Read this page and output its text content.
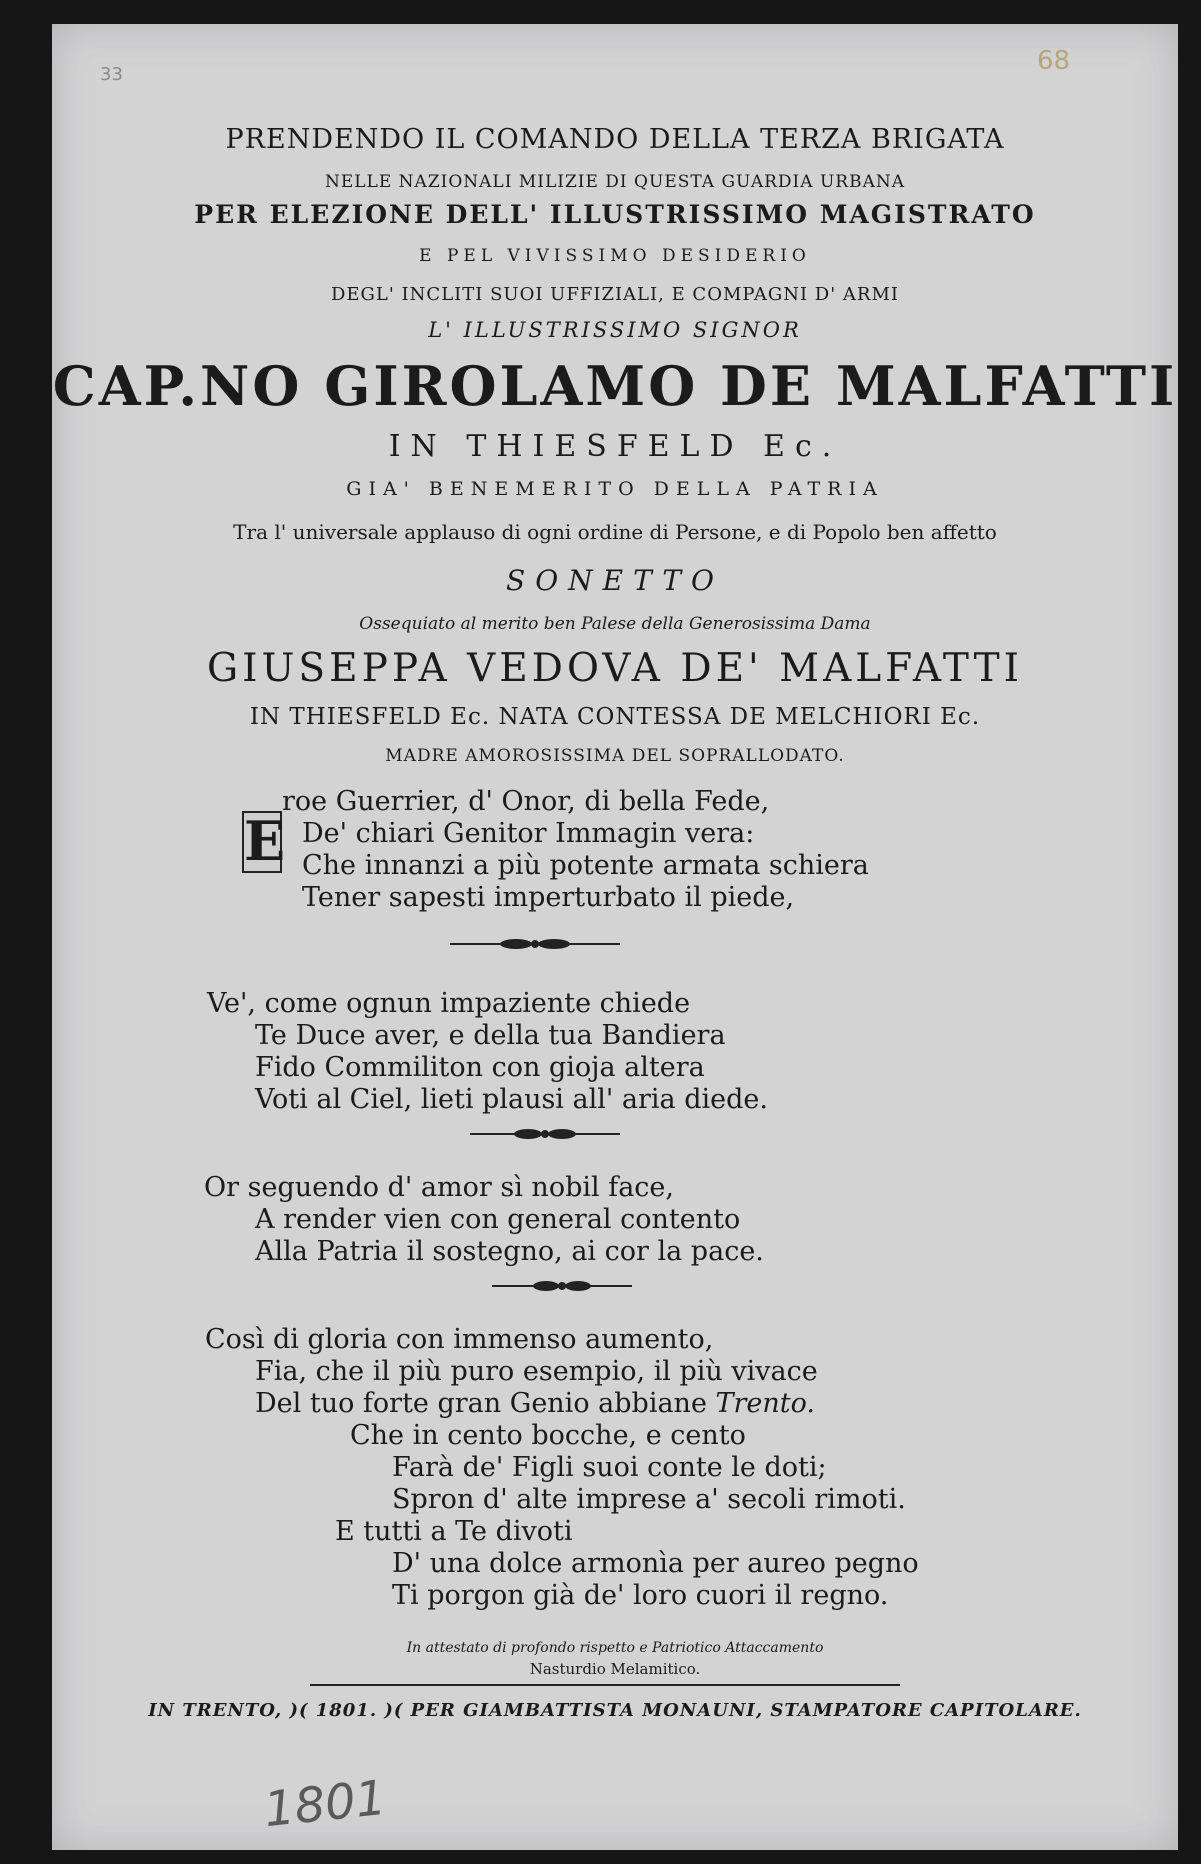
33	68
PRENDENDO IL COMANDO DELLA TERZA BRIGATA
NELLE NAZIONALI MILIZIE DI QUESTA GUARDIA URBANA
PER ELEZIONE DELL' ILLUSTRISSIMO MAGISTRATO
E PEL VIVISSIMO DESIDERIO
DEGL' INCLITI SUOI UFFIZIALI, E COMPAGNI D' ARMI
L' ILLUSTRISSIMO SIGNOR
CAP.NO GIROLAMO DE MALFATTI
IN THIESFELD Ec.
GIA' BENEMERITO DELLA PATRIA
Tra l' universale applauso di ogni ordine di Persone, e di Popolo ben affetto
SONETTO
Ossequiato al merito ben Palese della Generosissima Dama
GIUSEPPA VEDOVA DE' MALFATTI
IN THIESFELD Ec. NATA CONTESSA DE MELCHIORI Ec.
MADRE AMOROSISSIMA DEL SOPRALLODATO.
E
roe Guerrier, d' Onor, di bella Fede,
De' chiari Genitor Immagin vera:
Che innanzi a più potente armata schiera
Tener sapesti imperturbato il piede,
Ve', come ognun impaziente chiede
Te Duce aver, e della tua Bandiera
Fido Commiliton con gioja altera
Voti al Ciel, lieti plausi all' aria diede.
Or seguendo d' amor sì nobil face,
A render vien con general contento
Alla Patria il sostegno, ai cor la pace.
Così di gloria con immenso aumento,
Fia, che il più puro esempio, il più vivace
Del tuo forte gran Genio abbiane Trento.
Che in cento bocche, e cento
Farà de' Figli suoi conte le doti;
Spron d' alte imprese a' secoli rimoti.
E tutti a Te divoti
D' una dolce armonìa per aureo pegno
Ti porgon già de' loro cuori il regno.
In attestato di profondo rispetto e Patriotico Attaccamento
Nasturdio Melamitico.
IN TRENTO, )( 1801. )( PER GIAMBATTISTA MONAUNI, STAMPATORE CAPITOLARE.
1801
